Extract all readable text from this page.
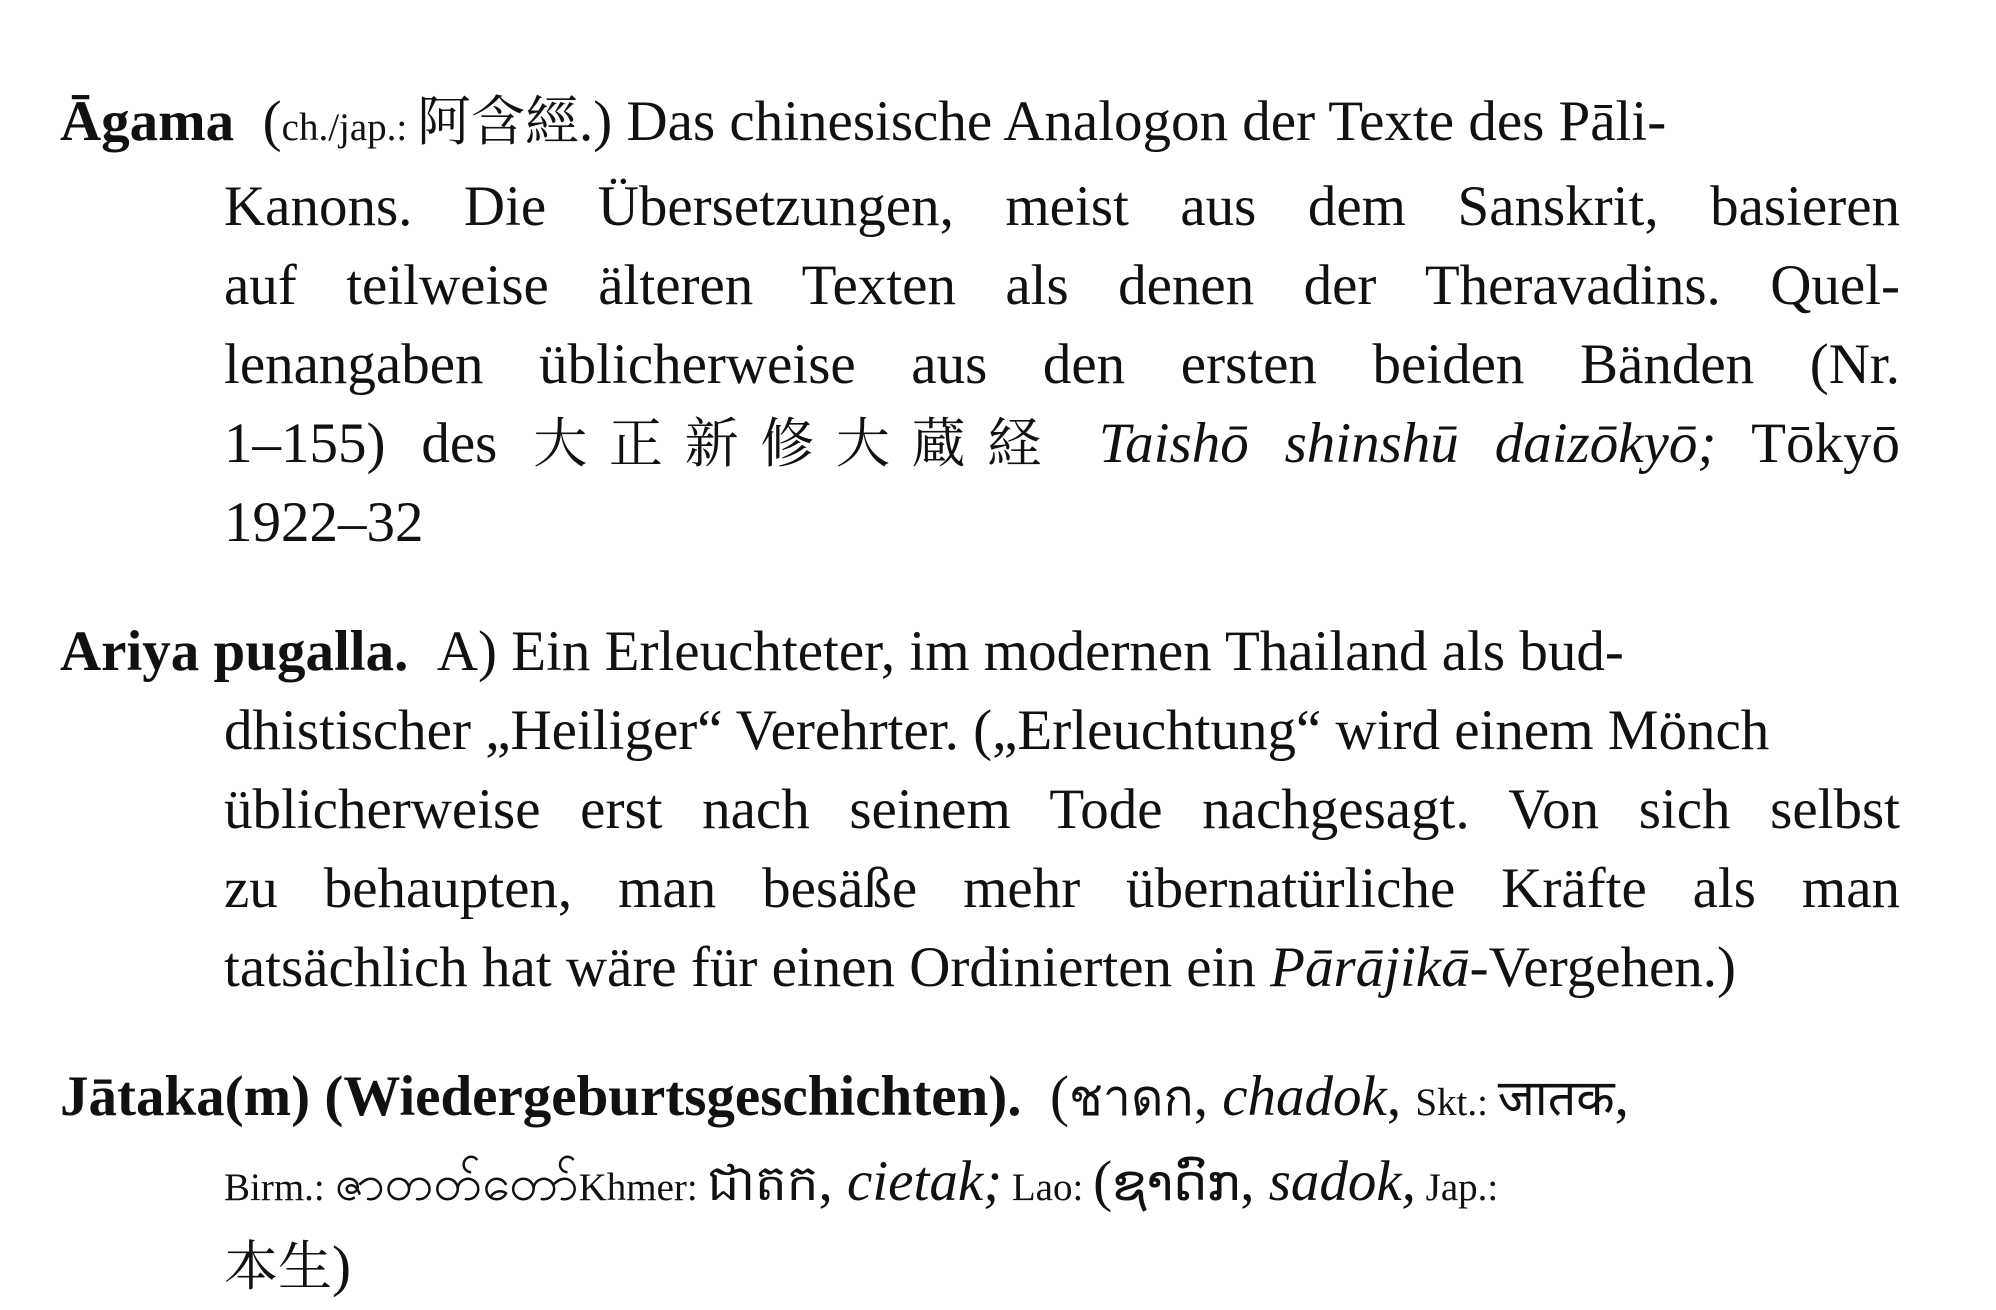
Āgama (ch./jap.: 阿含經.) Das chinesische Analogon der Texte des Pāli-
Kanons. Die Übersetzungen, meist aus dem Sanskrit, basieren
auf teilweise älteren Texten als denen der Theravadins. Quel-
lenangaben üblicherweise aus den ersten beiden Bänden (Nr.
1–155) des 大正新修大蔵経 Taishō shinshū daizōkyō; Tōkyō
1922–32
Ariya pugalla. A) Ein Erleuchteter, im modernen Thailand als bud-
dhistischer „Heiliger“ Verehrter. („Erleuchtung“ wird einem Mönch
üblicherweise erst nach seinem Tode nachgesagt. Von sich selbst
zu behaupten, man besäße mehr übernatürliche Kräfte als man
tatsächlich hat wäre für einen Ordinierten ein Pārājikā-Vergehen.)
Jātaka(m) (Wiedergeburtsgeschichten). (ชาดก, chadok, Skt.: जातक,
Birm.: ဇာတတ်တော်Khmer: ជាតក, cietak; Lao: (ຊາດົກ, sadok, Jap.:
本生)
